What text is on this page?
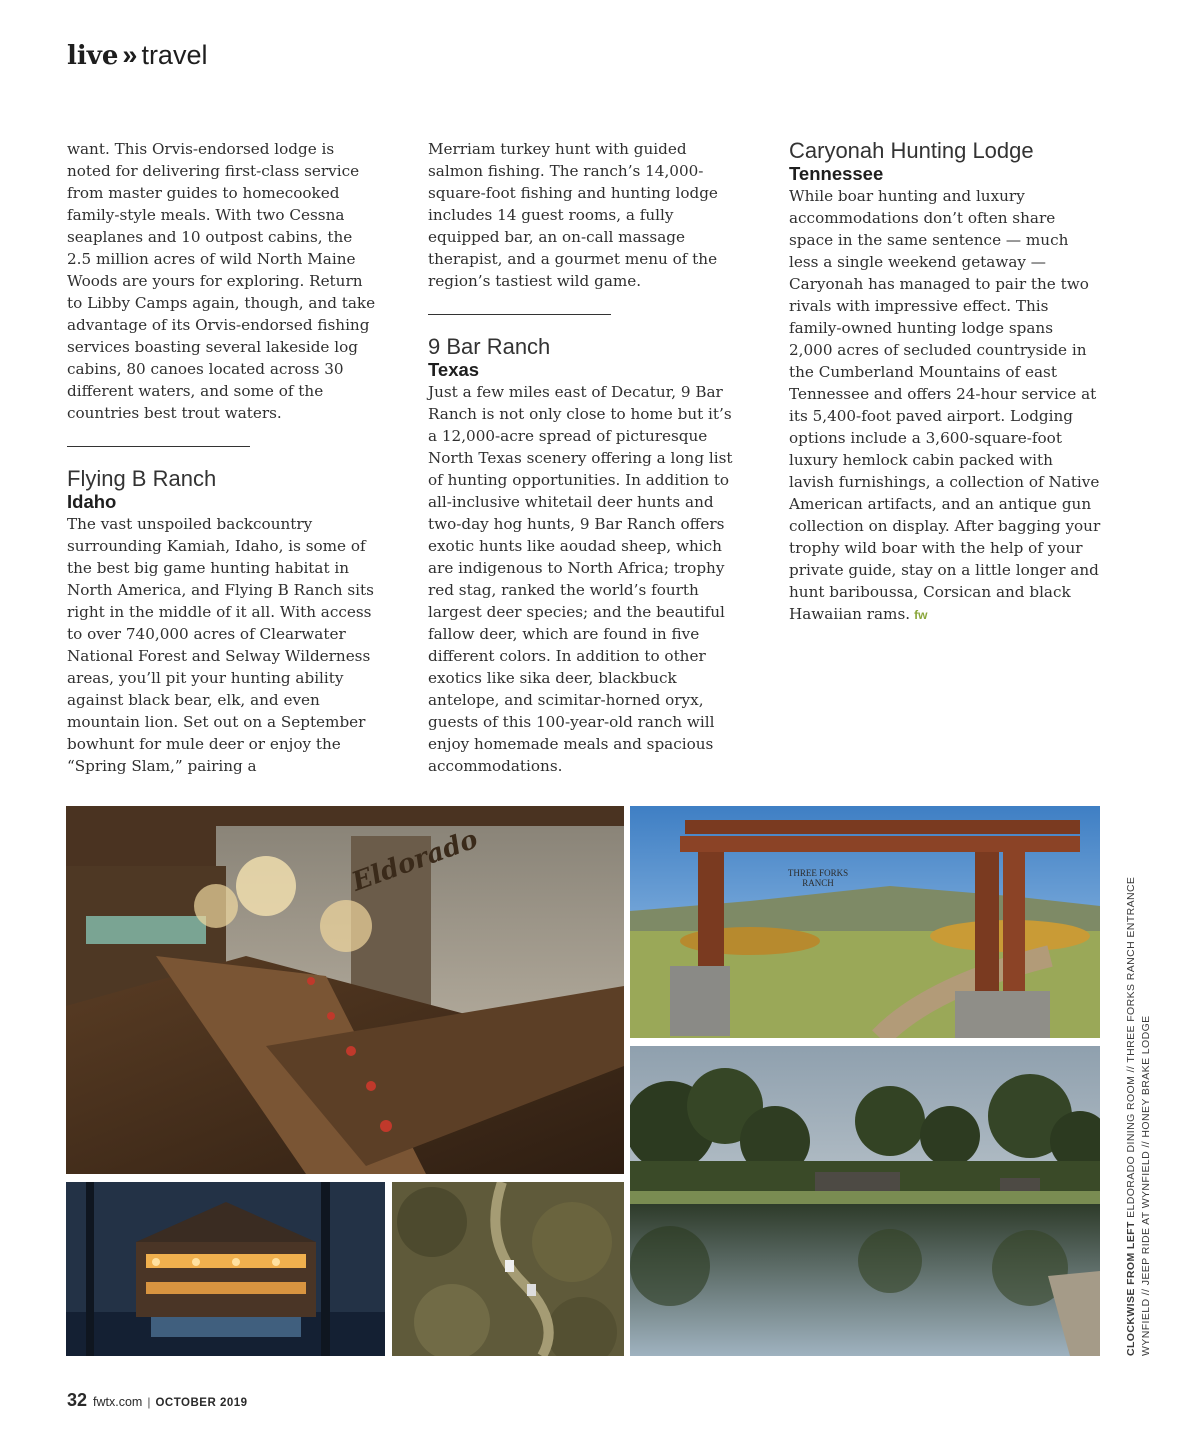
live » travel

want. This Orvis-endorsed lodge is noted for delivering first-class service from master guides to homecooked family-style meals. With two Cessna seaplanes and 10 outpost cabins, the 2.5 million acres of wild North Maine Woods are yours for exploring. Return to Libby Camps again, though, and take advantage of its Orvis-endorsed fishing services boasting several lakeside log cabins, 80 canoes located across 30 different waters, and some of the countries best trout waters.

Flying B Ranch
Idaho

The vast unspoiled backcountry surrounding Kamiah, Idaho, is some of the best big game hunting habitat in North America, and Flying B Ranch sits right in the middle of it all. With access to over 740,000 acres of Clearwater National Forest and Selway Wilderness areas, you’ll pit your hunting ability against black bear, elk, and even mountain lion. Set out on a September bowhunt for mule deer or enjoy the “Spring Slam,” pairing a

Merriam turkey hunt with guided salmon fishing. The ranch’s 14,000-square-foot fishing and hunting lodge includes 14 guest rooms, a fully equipped bar, an on-call massage therapist, and a gourmet menu of the region’s tastiest wild game.

9 Bar Ranch
Texas

Just a few miles east of Decatur, 9 Bar Ranch is not only close to home but it’s a 12,000-acre spread of picturesque North Texas scenery offering a long list of hunting opportunities. In addition to all-inclusive whitetail deer hunts and two-day hog hunts, 9 Bar Ranch offers exotic hunts like aoudad sheep, which are indigenous to North Africa; trophy red stag, ranked the world’s fourth largest deer species; and the beautiful fallow deer, which are found in five different colors. In addition to other exotics like sika deer, blackbuck antelope, and scimitar-horned oryx, guests of this 100-year-old ranch will enjoy homemade meals and spacious accommodations.

Caryonah Hunting Lodge
Tennessee

While boar hunting and luxury accommodations don’t often share space in the same sentence — much less a single weekend getaway — Caryonah has managed to pair the two rivals with impressive effect. This family-owned hunting lodge spans 2,000 acres of secluded countryside in the Cumberland Mountains of east Tennessee and offers 24-hour service at its 5,400-foot paved airport. Lodging options include a 3,600-square-foot luxury hemlock cabin packed with lavish furnishings, a collection of Native American artifacts, and an antique gun collection on display. After bagging your trophy wild boar with the help of your private guide, stay on a little longer and hunt bariboussa, Corsican and black Hawaiian rams. fw

Eldorado	THREE FORKS
RANCH
CLOCKWISE FROM LEFT ELDORADO DINING ROOM // THREE FORKS RANCH ENTRANCE WYNFIELD // JEEP RIDE AT WYNFIELD // HONEY BRAKE LODGE
32 fwtx.com | OCTOBER 2019
